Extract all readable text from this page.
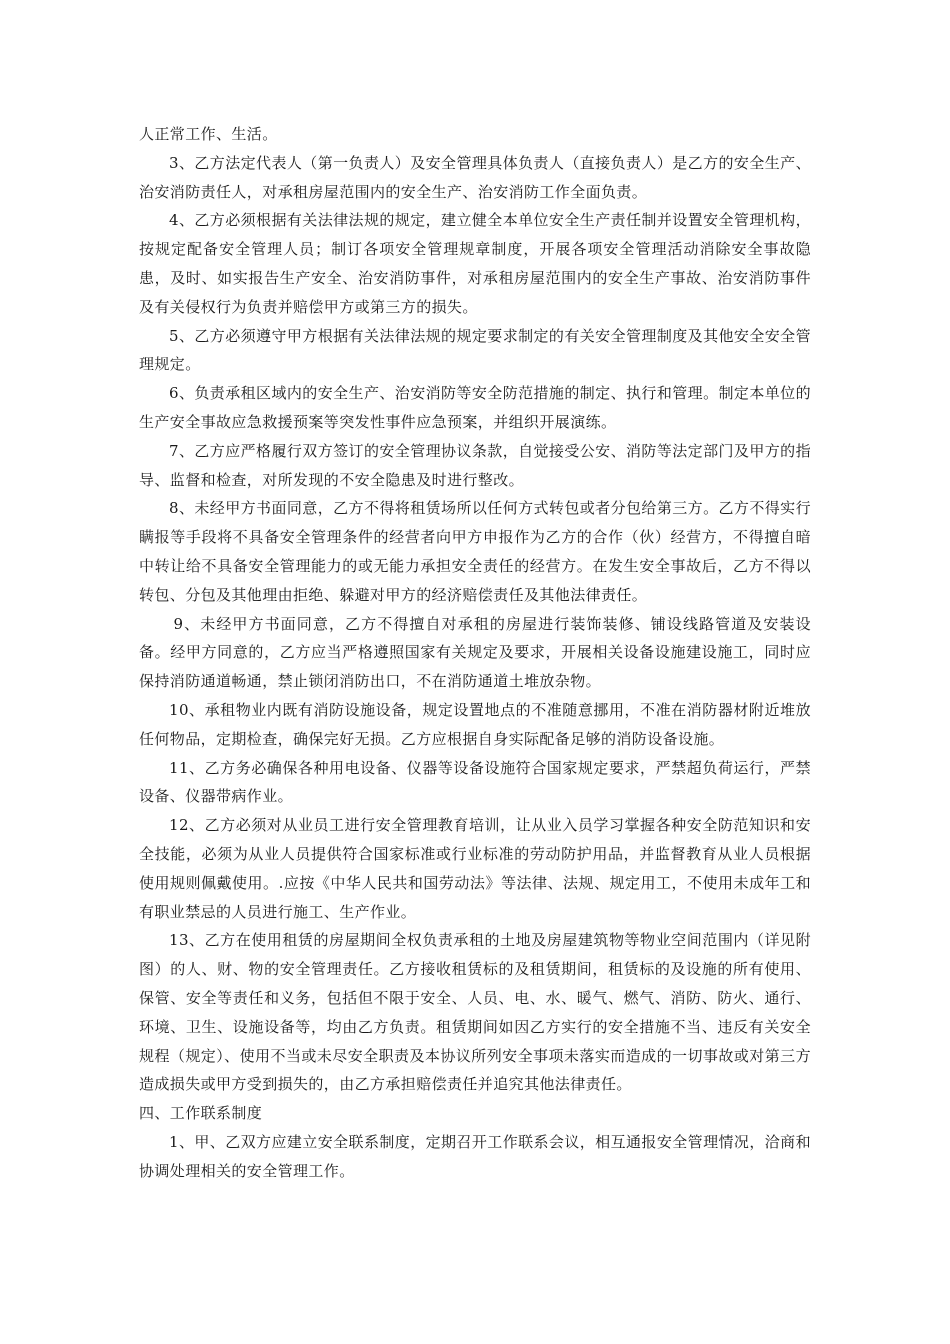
人正常工作、生活。

3、乙方法定代表人（第一负责人）及安全管理具体负责人（直接负责人）是乙方的安全生产、治安消防责任人，对承租房屋范围内的安全生产、治安消防工作全面负责。

4、乙方必须根据有关法律法规的规定，建立健全本单位安全生产责任制并设置安全管理机构，按规定配备安全管理人员；制订各项安全管理规章制度，开展各项安全管理活动消除安全事故隐患，及时、如实报告生产安全、治安消防事件，对承租房屋范围内的安全生产事故、治安消防事件及有关侵权行为负责并赔偿甲方或第三方的损失。

5、乙方必须遵守甲方根据有关法律法规的规定要求制定的有关安全管理制度及其他安全安全管理规定。

6、负责承租区域内的安全生产、治安消防等安全防范措施的制定、执行和管理。制定本单位的生产安全事故应急救援预案等突发性事件应急预案，并组织开展演练。

7、乙方应严格履行双方签订的安全管理协议条款，自觉接受公安、消防等法定部门及甲方的指导、监督和检查，对所发现的不安全隐患及时进行整改。

8、未经甲方书面同意，乙方不得将租赁场所以任何方式转包或者分包给第三方。乙方不得实行瞒报等手段将不具备安全管理条件的经营者向甲方申报作为乙方的合作（伙）经营方，不得擅自暗中转让给不具备安全管理能力的或无能力承担安全责任的经营方。在发生安全事故后，乙方不得以转包、分包及其他理由拒绝、躲避对甲方的经济赔偿责任及其他法律责任。

9、未经甲方书面同意，乙方不得擅自对承租的房屋进行装饰装修、铺设线路管道及安装设备。经甲方同意的，乙方应当严格遵照国家有关规定及要求，开展相关设备设施建设施工，同时应保持消防通道畅通，禁止锁闭消防出口，不在消防通道土堆放杂物。

10、承租物业内既有消防设施设备，规定设置地点的不准随意挪用，不准在消防器材附近堆放任何物品，定期检查，确保完好无损。乙方应根据自身实际配备足够的消防设备设施。

11、乙方务必确保各种用电设备、仪器等设备设施符合国家规定要求，严禁超负荷运行，严禁设备、仪器带病作业。

12、乙方必须对从业员工进行安全管理教育培训，让从业入员学习掌握各种安全防范知识和安全技能，必须为从业人员提供符合国家标准或行业标准的劳动防护用品，并监督教育从业人员根据使用规则佩戴使用。.应按《中华人民共和国劳动法》等法律、法规、规定用工，不使用未成年工和有职业禁忌的人员进行施工、生产作业。

13、乙方在使用租赁的房屋期间全权负责承租的土地及房屋建筑物等物业空间范围内（详见附图）的人、财、物的安全管理责任。乙方接收租赁标的及租赁期间，租赁标的及设施的所有使用、保管、安全等责任和义务，包括但不限于安全、人员、电、水、暖气、燃气、消防、防火、通行、环境、卫生、设施设备等，均由乙方负责。租赁期间如因乙方实行的安全措施不当、违反有关安全规程（规定）、使用不当或未尽安全职责及本协议所列安全事项未落实而造成的一切事故或对第三方造成损失或甲方受到损失的，由乙方承担赔偿责任并追究其他法律责任。

四、工作联系制度

1、甲、乙双方应建立安全联系制度，定期召开工作联系会议，相互通报安全管理情况，洽商和协调处理相关的安全管理工作。
